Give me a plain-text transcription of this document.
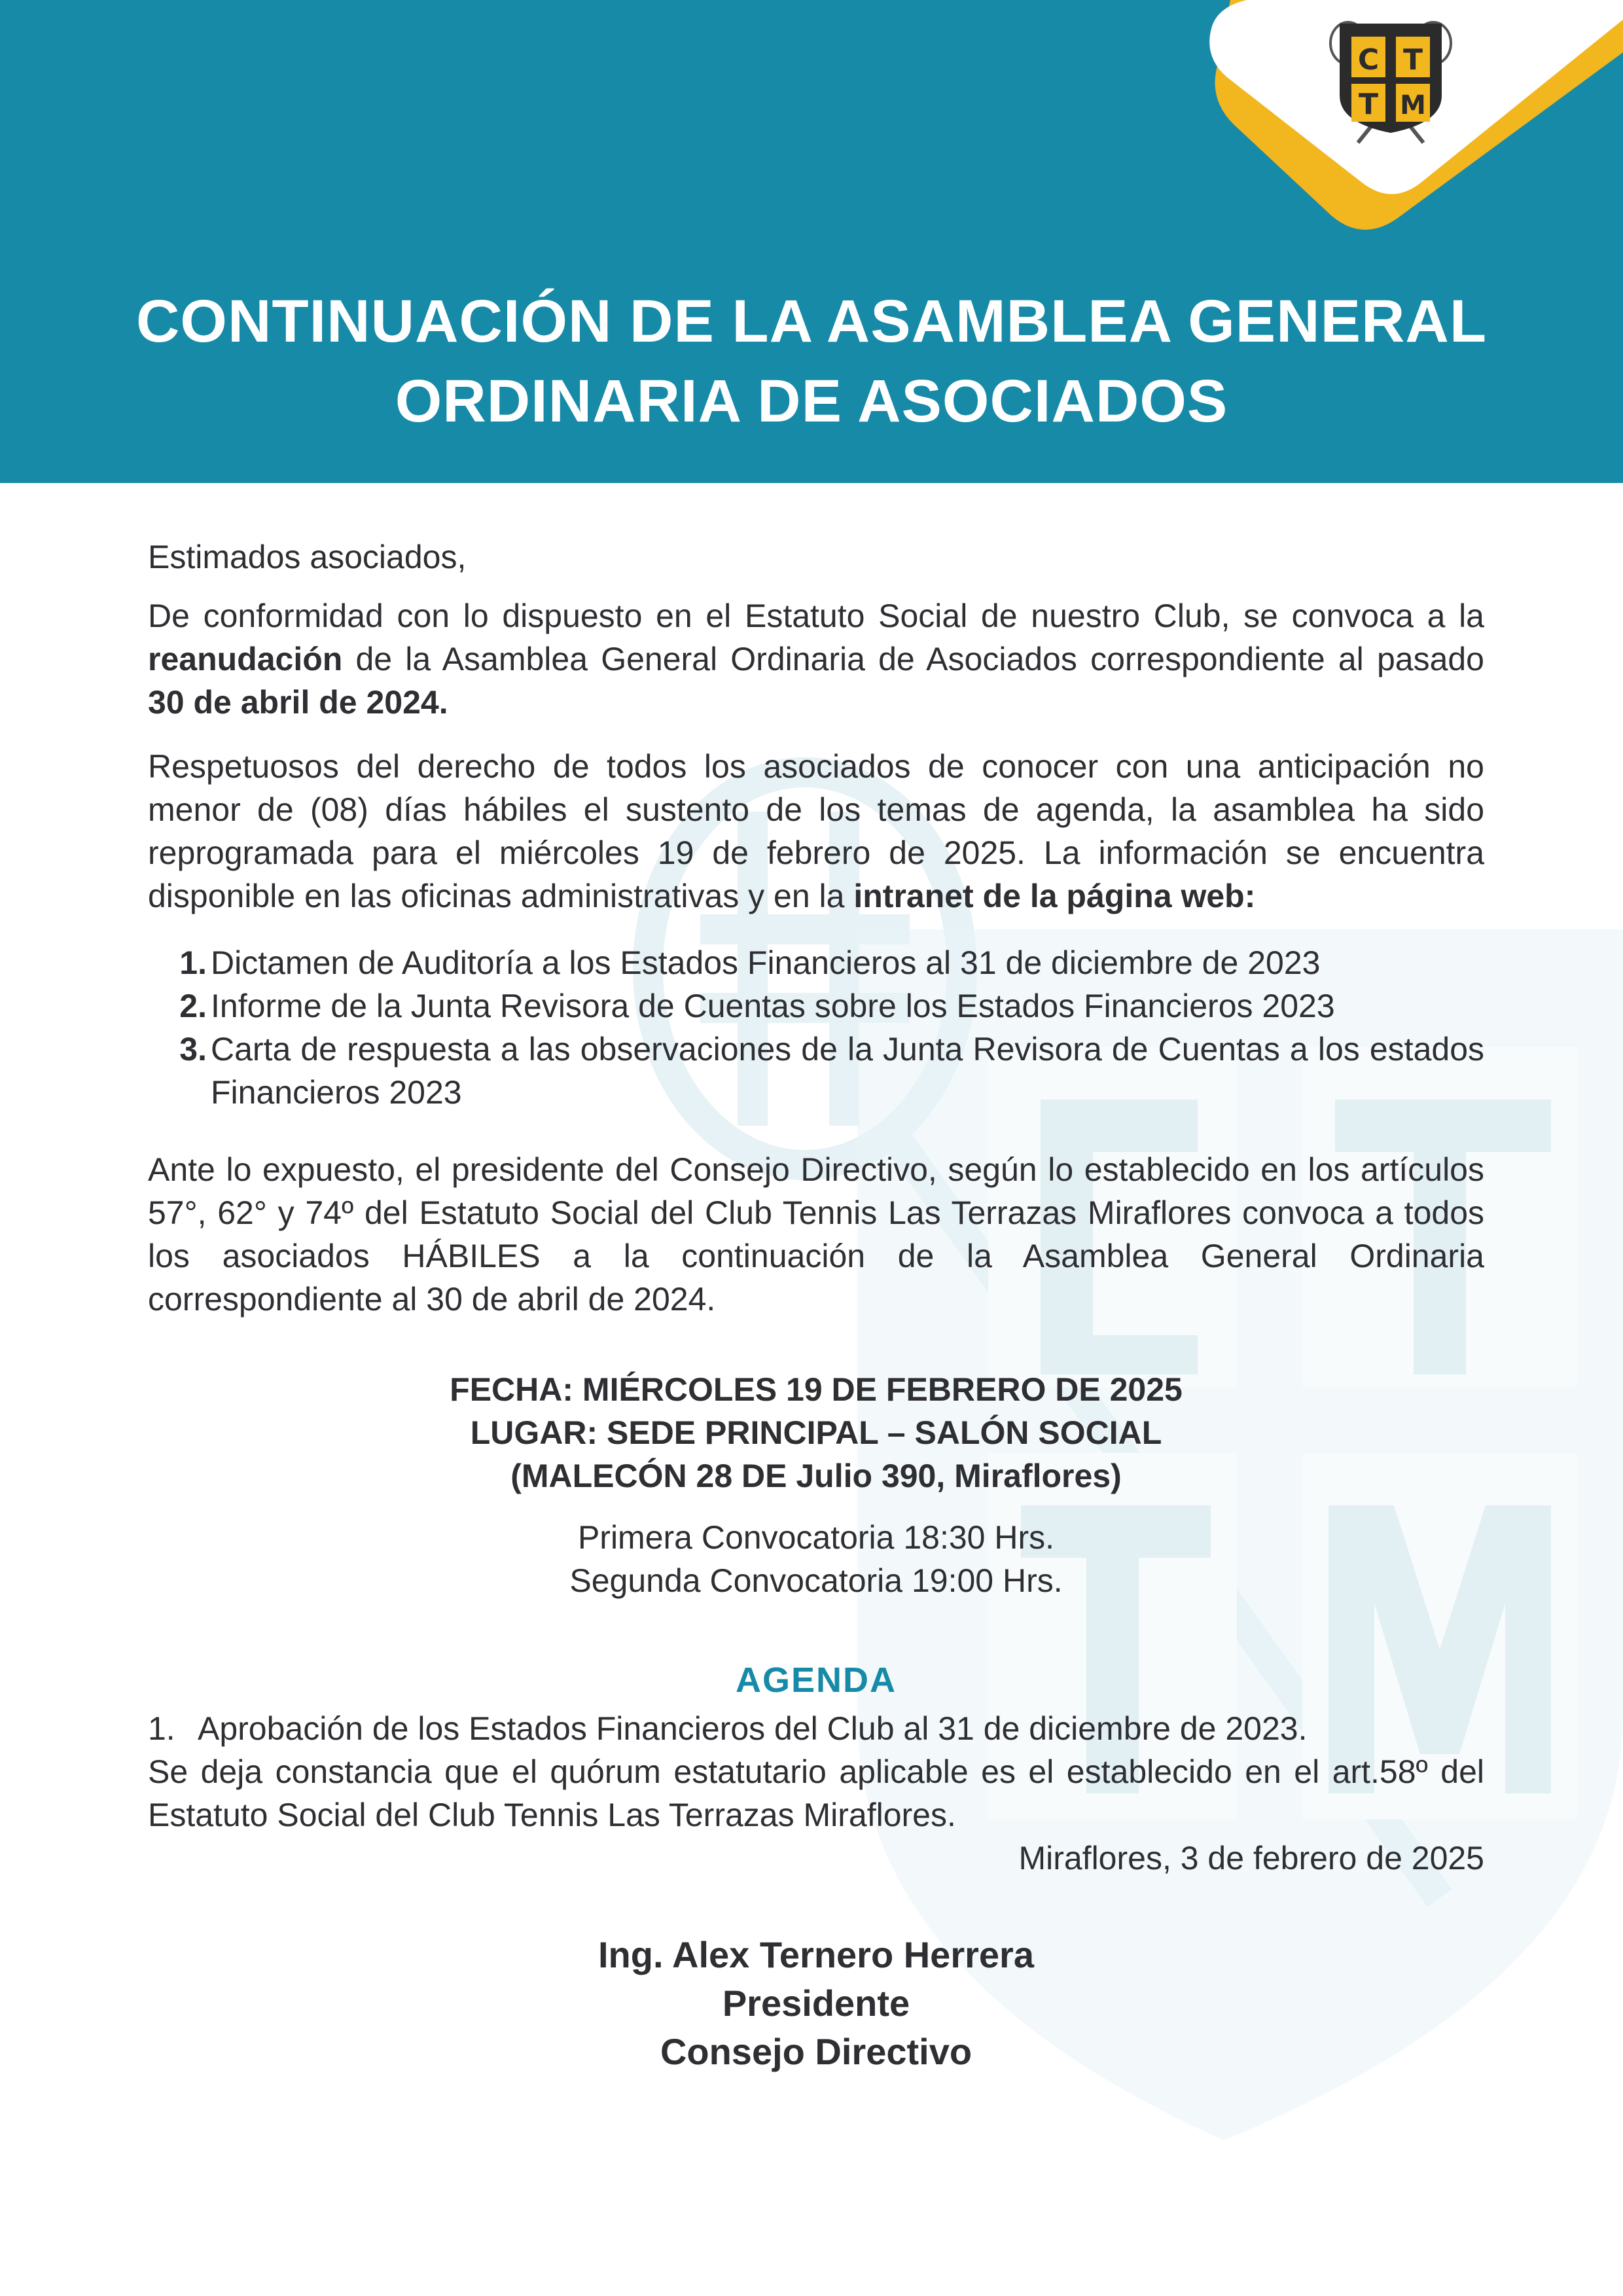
C T
T M
CONTINUACIÓN DE LA ASAMBLEA GENERAL
ORDINARIA DE ASOCIADOS

Estimados asociados,

De conformidad con lo dispuesto en el Estatuto Social de nuestro Club, se convoca a la reanudación de la Asamblea General Ordinaria de Asociados correspondiente al pasado 30 de abril de 2024.

Respetuosos del derecho de todos los asociados de conocer con una anticipación no menor de (08) días hábiles el sustento de los temas de agenda, la asamblea ha sido reprogramada para el miércoles 19 de febrero de 2025. La información se encuentra disponible en las oficinas administrativas y en la intranet de la página web:

1. Dictamen de Auditoría a los Estados Financieros al 31 de diciembre de 2023
2. Informe de la Junta Revisora de Cuentas sobre los Estados Financieros 2023
3. Carta de respuesta a las observaciones de la Junta Revisora de Cuentas a los estados Financieros 2023

Ante lo expuesto, el presidente del Consejo Directivo, según lo establecido en los artículos 57°, 62° y 74º del Estatuto Social del Club Tennis Las Terrazas Miraflores convoca a todos los asociados HÁBILES a la continuación de la Asamblea General Ordinaria correspondiente al 30 de abril de 2024.

FECHA: MIÉRCOLES 19 DE FEBRERO DE 2025
LUGAR: SEDE PRINCIPAL – SALÓN SOCIAL
(MALECÓN 28 DE Julio 390, Miraflores)
Primera Convocatoria 18:30 Hrs.
Segunda Convocatoria 19:00 Hrs.
AGENDA
1. Aprobación de los Estados Financieros del Club al 31 de diciembre de 2023.

Se deja constancia que el quórum estatutario aplicable es el establecido en el art.58º del Estatuto Social del Club Tennis Las Terrazas Miraflores.

Miraflores, 3 de febrero de 2025

Ing. Alex Ternero Herrera
Presidente
Consejo Directivo
